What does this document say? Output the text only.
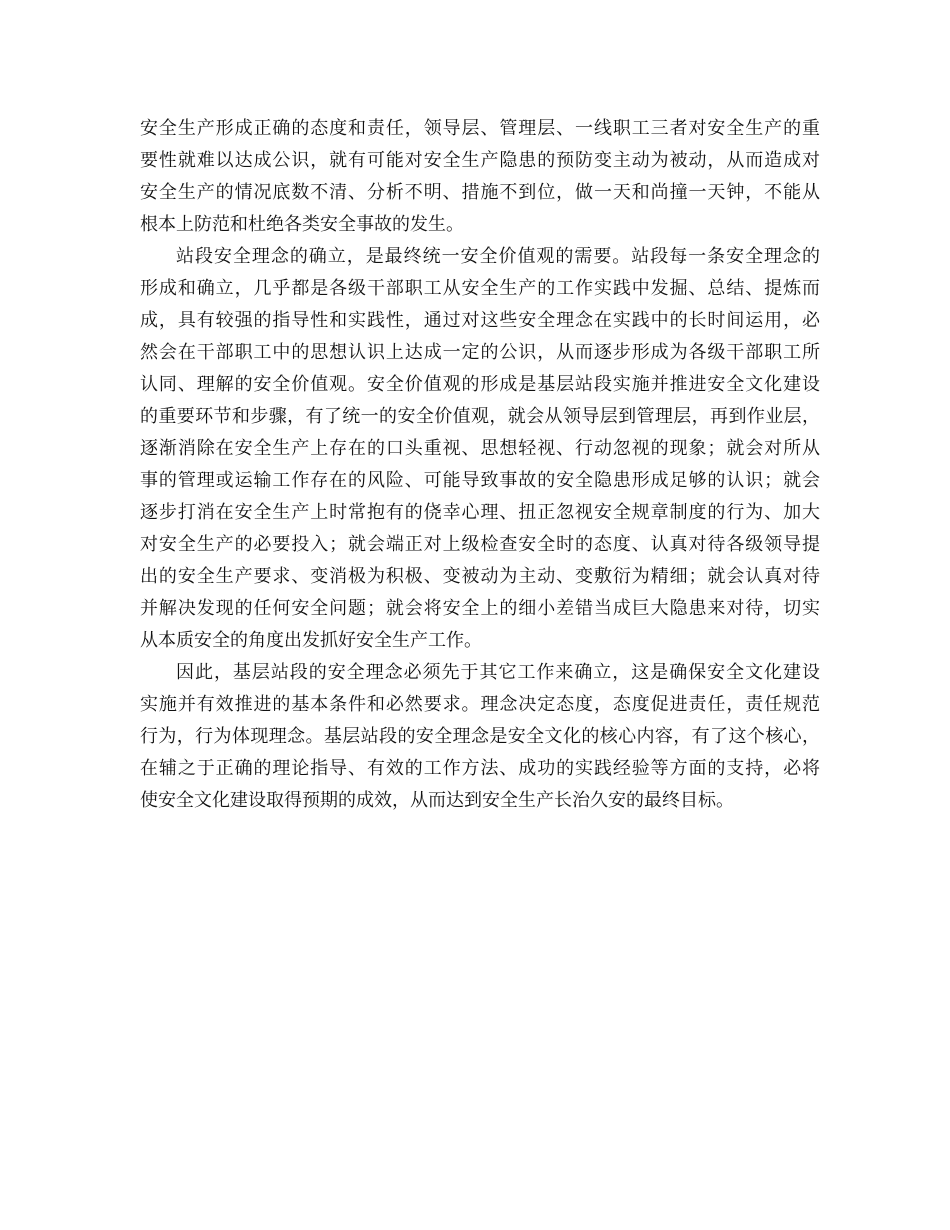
安全生产形成正确的态度和责任，领导层、管理层、一线职工三者对安全生产的重
要性就难以达成公识，就有可能对安全生产隐患的预防变主动为被动，从而造成对
安全生产的情况底数不清、分析不明、措施不到位，做一天和尚撞一天钟，不能从
根本上防范和杜绝各类安全事故的发生。
站段安全理念的确立，是最终统一安全价值观的需要。站段每一条安全理念的
形成和确立，几乎都是各级干部职工从安全生产的工作实践中发掘、总结、提炼而
成，具有较强的指导性和实践性，通过对这些安全理念在实践中的长时间运用，必
然会在干部职工中的思想认识上达成一定的公识，从而逐步形成为各级干部职工所
认同、理解的安全价值观。安全价值观的形成是基层站段实施并推进安全文化建设
的重要环节和步骤，有了统一的安全价值观，就会从领导层到管理层，再到作业层，
逐渐消除在安全生产上存在的口头重视、思想轻视、行动忽视的现象；就会对所从
事的管理或运输工作存在的风险、可能导致事故的安全隐患形成足够的认识；就会
逐步打消在安全生产上时常抱有的侥幸心理、扭正忽视安全规章制度的行为、加大
对安全生产的必要投入；就会端正对上级检查安全时的态度、认真对待各级领导提
出的安全生产要求、变消极为积极、变被动为主动、变敷衍为精细；就会认真对待
并解决发现的任何安全问题；就会将安全上的细小差错当成巨大隐患来对待，切实
从本质安全的角度出发抓好安全生产工作。
因此，基层站段的安全理念必须先于其它工作来确立，这是确保安全文化建设
实施并有效推进的基本条件和必然要求。理念决定态度，态度促进责任，责任规范
行为，行为体现理念。基层站段的安全理念是安全文化的核心内容，有了这个核心，
在辅之于正确的理论指导、有效的工作方法、成功的实践经验等方面的支持，必将
使安全文化建设取得预期的成效，从而达到安全生产长治久安的最终目标。
